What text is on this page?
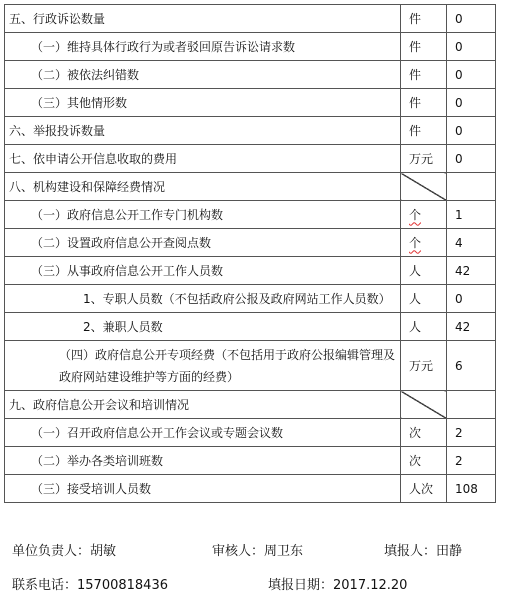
五、行政诉讼数量	件	0
（一）维持具体行政行为或者驳回原告诉讼请求数	件	0
（二）被依法纠错数	件	0
（三）其他情形数	件	0
六、举报投诉数量	件	0
七、依申请公开信息收取的费用	万元	0
八、机构建设和保障经费情况		
（一）政府信息公开工作专门机构数	个	1
（二）设置政府信息公开查阅点数	个	4
（三）从事政府信息公开工作人员数	人	42
1、专职人员数（不包括政府公报及政府网站工作人员数）	人	0
2、兼职人员数	人	42

（四）政府信息公开专项经费（不包括用于政府公报编辑管理及政府网站建设维护等方面的经费）	万元	6
九、政府信息公开会议和培训情况		
（一）召开政府信息公开工作会议或专题会议数	次	2
（二）举办各类培训班数	次	2
（三）接受培训人员数	人次	108
单位负责人：胡敏	审核人：周卫东	填报人：田静
联系电话：15700818436	填报日期：2017.12.20
